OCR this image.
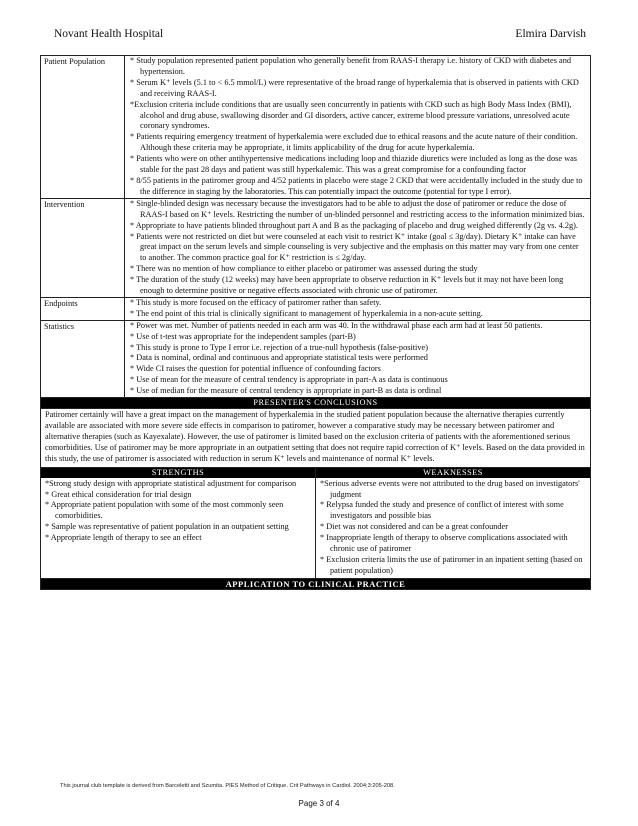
Novant Health Hospital	Elmira Darvish
Patient Population	* Study population represented patient population who generally benefit from RAAS-I therapy i.e. history of CKD with diabetes and hypertension.
* Serum K⁺ levels (5.1 to < 6.5 mmol/L) were representative of the broad range of hyperkalemia that is observed in patients with CKD and receiving RAAS-I.
*Exclusion criteria include conditions that are usually seen concurrently in patients with CKD such as high Body Mass Index (BMI), alcohol and drug abuse, swallowing disorder and GI disorders, active cancer, extreme blood pressure variations, unresolved acute coronary syndromes.
* Patients requiring emergency treatment of hyperkalemia were excluded due to ethical reasons and the acute nature of their condition. Although these criteria may be appropriate, it limits applicability of the drug for acute hyperkalemia.
* Patients who were on other antihypertensive medications including loop and thiazide diuretics were included as long as the dose was stable for the past 28 days and patient was still hyperkalemic. This was a great compromise for a confounding factor
* 8/55 patients in the patiromer group and 4/52 patients in placebo were stage 2 CKD that were accidentally included in the study due to the difference in staging by the laboratories. This can potentially impact the outcome (potential for type I error).
Intervention	* Single-blinded design was necessary because the investigators had to be able to adjust the dose of patiromer or reduce the dose of RAAS-I based on K⁺ levels. Restricting the number of un-blinded personnel and restricting access to the information minimized bias.
* Appropriate to have patients blinded throughout part A and B as the packaging of placebo and drug weighed differently (2g vs. 4.2g).
* Patients were not restricted on diet but were counseled at each visit to restrict K⁺ intake (goal ≤ 3g/day). Dietary K⁺ intake can have great impact on the serum levels and simple counseling is very subjective and the emphasis on this matter may vary from one center to another. The common practice goal for K⁺ restriction is ≤ 2g/day.
* There was no mention of how compliance to either placebo or patiromer was assessed during the study
* The duration of the study (12 weeks) may have been appropriate to observe reduction in K⁺ levels but it may not have been long enough to determine positive or negative effects associated with chronic use of patiromer.
Endpoints	* This study is more focused on the efficacy of patiromer rather than safety.
* The end point of this trial is clinically significant to management of hyperkalemia in a non-acute setting.
Statistics	* Power was met. Number of patients needed in each arm was 40. In the withdrawal phase each arm had at least 50 patients.
* Use of t-test was appropriate for the independent samples (part-B)
* This study is prone to Type I error i.e. rejection of a true-null hypothesis (false-positive)
* Data is nominal, ordinal and continuous and appropriate statistical tests were performed
* Wide CI raises the question for potential influence of confounding factors
* Use of mean for the measure of central tendency is appropriate in part-A as data is continuous
* Use of median for the measure of central tendency is appropriate in part-B as data is ordinal
PRESENTER'S CONCLUSIONS
Patiromer certainly will have a great impact on the management of hyperkalemia in the studied patient population because the alternative therapies currently available are associated with more severe side effects in comparison to patiromer, however a comparative study may be necessary between patiromer and alternative therapies (such as Kayexalate). However, the use of patiromer is limited based on the exclusion criteria of patients with the aforementioned serious comorbidities. Use of patiromer may be more appropriate in an outpatient setting that does not require rapid correction of K⁺ levels. Based on the data provided in this study, the use of patiromer is associated with reduction in serum K⁺ levels and maintenance of normal K⁺ levels.
STRENGTHS
*Strong study design with appropriate statistical adjustment for comparison
* Great ethical consideration for trial design
* Appropriate patient population with some of the most commonly seen comorbidities.
* Sample was representative of patient population in an outpatient setting
* Appropriate length of therapy to see an effect
WEAKNESSES
*Serious adverse events were not attributed to the drug based on investigators' judgment
* Relypsa funded the study and presence of conflict of interest with some investigators and possible bias
* Diet was not considered and can be a great confounder
* Inappropriate length of therapy to observe complications associated with chronic use of patiromer
* Exclusion criteria limits the use of patiromer in an inpatient setting (based on patient population)
APPLICATION TO CLINICAL PRACTICE
This journal club template is derived from Barceletti and Szumita. PIES Method of Critique. Crit Pathways in Cardiol. 2004;3:205-208.
Page 3 of 4
